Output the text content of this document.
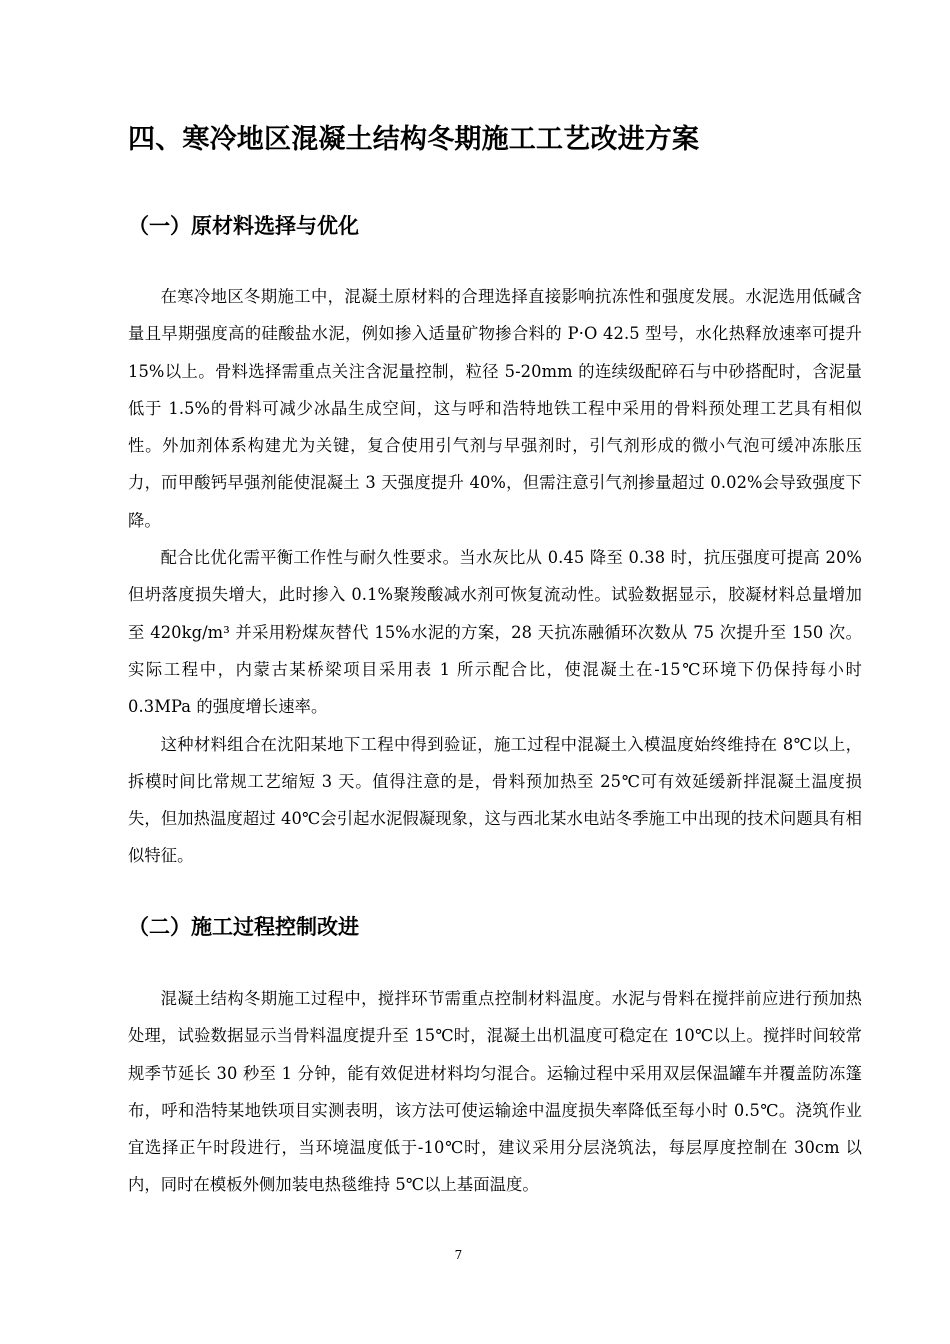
四、寒冷地区混凝土结构冬期施工工艺改进方案
（一）原材料选择与优化

在寒冷地区冬期施工中，混凝土原材料的合理选择直接影响抗冻性和强度发展。水泥选用低碱含量且早期强度高的硅酸盐水泥，例如掺入适量矿物掺合料的 P·O 42.5 型号，水化热释放速率可提升 15%以上。骨料选择需重点关注含泥量控制，粒径 5-20mm 的连续级配碎石与中砂搭配时，含泥量低于 1.5%的骨料可减少冰晶生成空间，这与呼和浩特地铁工程中采用的骨料预处理工艺具有相似性。外加剂体系构建尤为关键，复合使用引气剂与早强剂时，引气剂形成的微小气泡可缓冲冻胀压力，而甲酸钙早强剂能使混凝土 3 天强度提升 40%，但需注意引气剂掺量超过 0.02%会导致强度下降。

配合比优化需平衡工作性与耐久性要求。当水灰比从 0.45 降至 0.38 时，抗压强度可提高 20%但坍落度损失增大，此时掺入 0.1%聚羧酸减水剂可恢复流动性。试验数据显示，胶凝材料总量增加至 420kg/m³ 并采用粉煤灰替代 15%水泥的方案，28 天抗冻融循环次数从 75 次提升至 150 次。实际工程中，内蒙古某桥梁项目采用表 1 所示配合比，使混凝土在-15℃环境下仍保持每小时 0.3MPa 的强度增长速率。

这种材料组合在沈阳某地下工程中得到验证，施工过程中混凝土入模温度始终维持在 8℃以上，拆模时间比常规工艺缩短 3 天。值得注意的是，骨料预加热至 25℃可有效延缓新拌混凝土温度损失，但加热温度超过 40℃会引起水泥假凝现象，这与西北某水电站冬季施工中出现的技术问题具有相似特征。

（二）施工过程控制改进

混凝土结构冬期施工过程中，搅拌环节需重点控制材料温度。水泥与骨料在搅拌前应进行预加热处理，试验数据显示当骨料温度提升至 15℃时，混凝土出机温度可稳定在 10℃以上。搅拌时间较常规季节延长 30 秒至 1 分钟，能有效促进材料均匀混合。运输过程中采用双层保温罐车并覆盖防冻篷布，呼和浩特某地铁项目实测表明，该方法可使运输途中温度损失率降低至每小时 0.5℃。浇筑作业宜选择正午时段进行，当环境温度低于-10℃时，建议采用分层浇筑法，每层厚度控制在 30cm 以内，同时在模板外侧加装电热毯维持 5℃以上基面温度。

7
